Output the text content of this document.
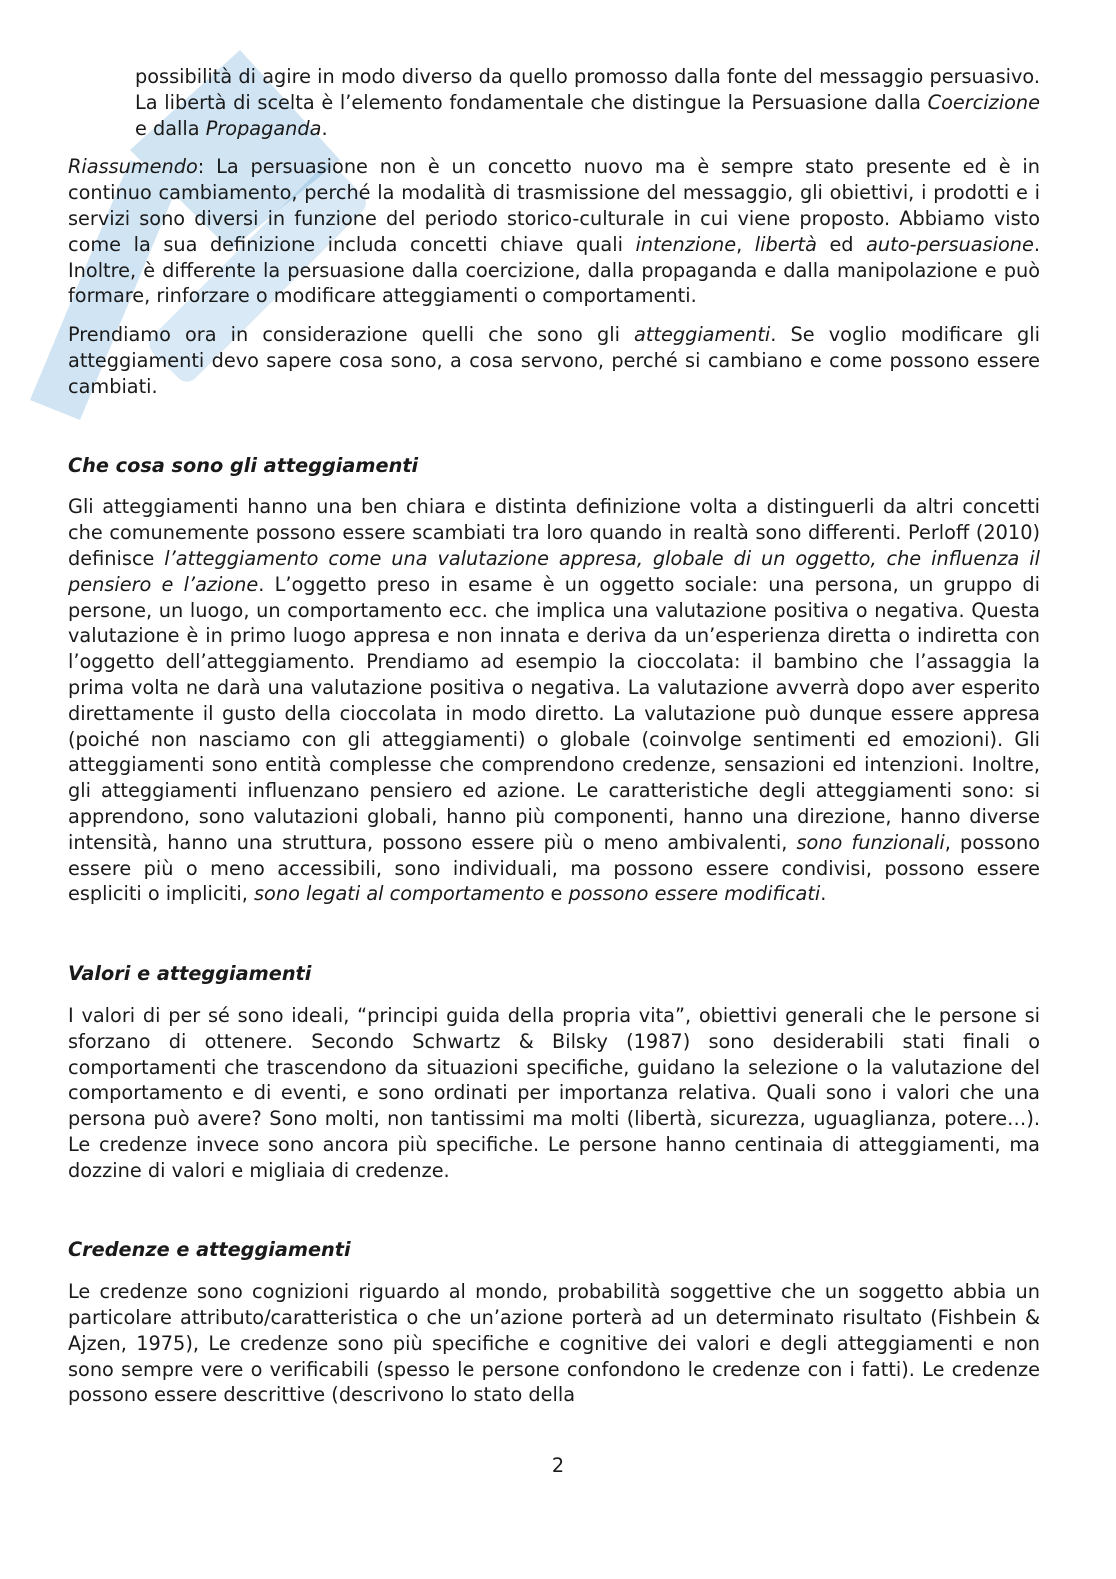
possibilità di agire in modo diverso da quello promosso dalla fonte del messaggio persuasivo. La libertà di scelta è l’elemento fondamentale che distingue la Persuasione dalla Coercizione e dalla Propaganda.

Riassumendo: La persuasione non è un concetto nuovo ma è sempre stato presente ed è in continuo cambiamento, perché la modalità di trasmissione del messaggio, gli obiettivi, i prodotti e i servizi sono diversi in funzione del periodo storico-culturale in cui viene proposto. Abbiamo visto come la sua definizione includa concetti chiave quali intenzione, libertà ed auto-persuasione. Inoltre, è differente la persuasione dalla coercizione, dalla propaganda e dalla manipolazione e può formare, rinforzare o modificare atteggiamenti o comportamenti.

Prendiamo ora in considerazione quelli che sono gli atteggiamenti. Se voglio modificare gli atteggiamenti devo sapere cosa sono, a cosa servono, perché si cambiano e come possono essere cambiati.

Che cosa sono gli atteggiamenti

Gli atteggiamenti hanno una ben chiara e distinta definizione volta a distinguerli da altri concetti che comunemente possono essere scambiati tra loro quando in realtà sono differenti. Perloff (2010) definisce l’atteggiamento come una valutazione appresa, globale di un oggetto, che influenza il pensiero e l’azione. L’oggetto preso in esame è un oggetto sociale: una persona, un gruppo di persone, un luogo, un comportamento ecc. che implica una valutazione positiva o negativa. Questa valutazione è in primo luogo appresa e non innata e deriva da un’esperienza diretta o indiretta con l’oggetto dell’atteggiamento. Prendiamo ad esempio la cioccolata: il bambino che l’assaggia la prima volta ne darà una valutazione positiva o negativa. La valutazione avverrà dopo aver esperito direttamente il gusto della cioccolata in modo diretto. La valutazione può dunque essere appresa (poiché non nasciamo con gli atteggiamenti) o globale (coinvolge sentimenti ed emozioni). Gli atteggiamenti sono entità complesse che comprendono credenze, sensazioni ed intenzioni. Inoltre, gli atteggiamenti influenzano pensiero ed azione. Le caratteristiche degli atteggiamenti sono: si apprendono, sono valutazioni globali, hanno più componenti, hanno una direzione, hanno diverse intensità, hanno una struttura, possono essere più o meno ambivalenti, sono funzionali, possono essere più o meno accessibili, sono individuali, ma possono essere condivisi, possono essere espliciti o impliciti, sono legati al comportamento e possono essere modificati.

Valori e atteggiamenti

I valori di per sé sono ideali, “principi guida della propria vita”, obiettivi generali che le persone si sforzano di ottenere. Secondo Schwartz & Bilsky (1987) sono desiderabili stati finali o comportamenti che trascendono da situazioni specifiche, guidano la selezione o la valutazione del comportamento e di eventi, e sono ordinati per importanza relativa. Quali sono i valori che una persona può avere? Sono molti, non tantissimi ma molti (libertà, sicurezza, uguaglianza, potere…). Le credenze invece sono ancora più specifiche. Le persone hanno centinaia di atteggiamenti, ma dozzine di valori e migliaia di credenze.

Credenze e atteggiamenti

Le credenze sono cognizioni riguardo al mondo, probabilità soggettive che un soggetto abbia un particolare attributo/caratteristica o che un’azione porterà ad un determinato risultato (Fishbein & Ajzen, 1975), Le credenze sono più specifiche e cognitive dei valori e degli atteggiamenti e non sono sempre vere o verificabili (spesso le persone confondono le credenze con i fatti). Le credenze possono essere descrittive (descrivono lo stato della

2
